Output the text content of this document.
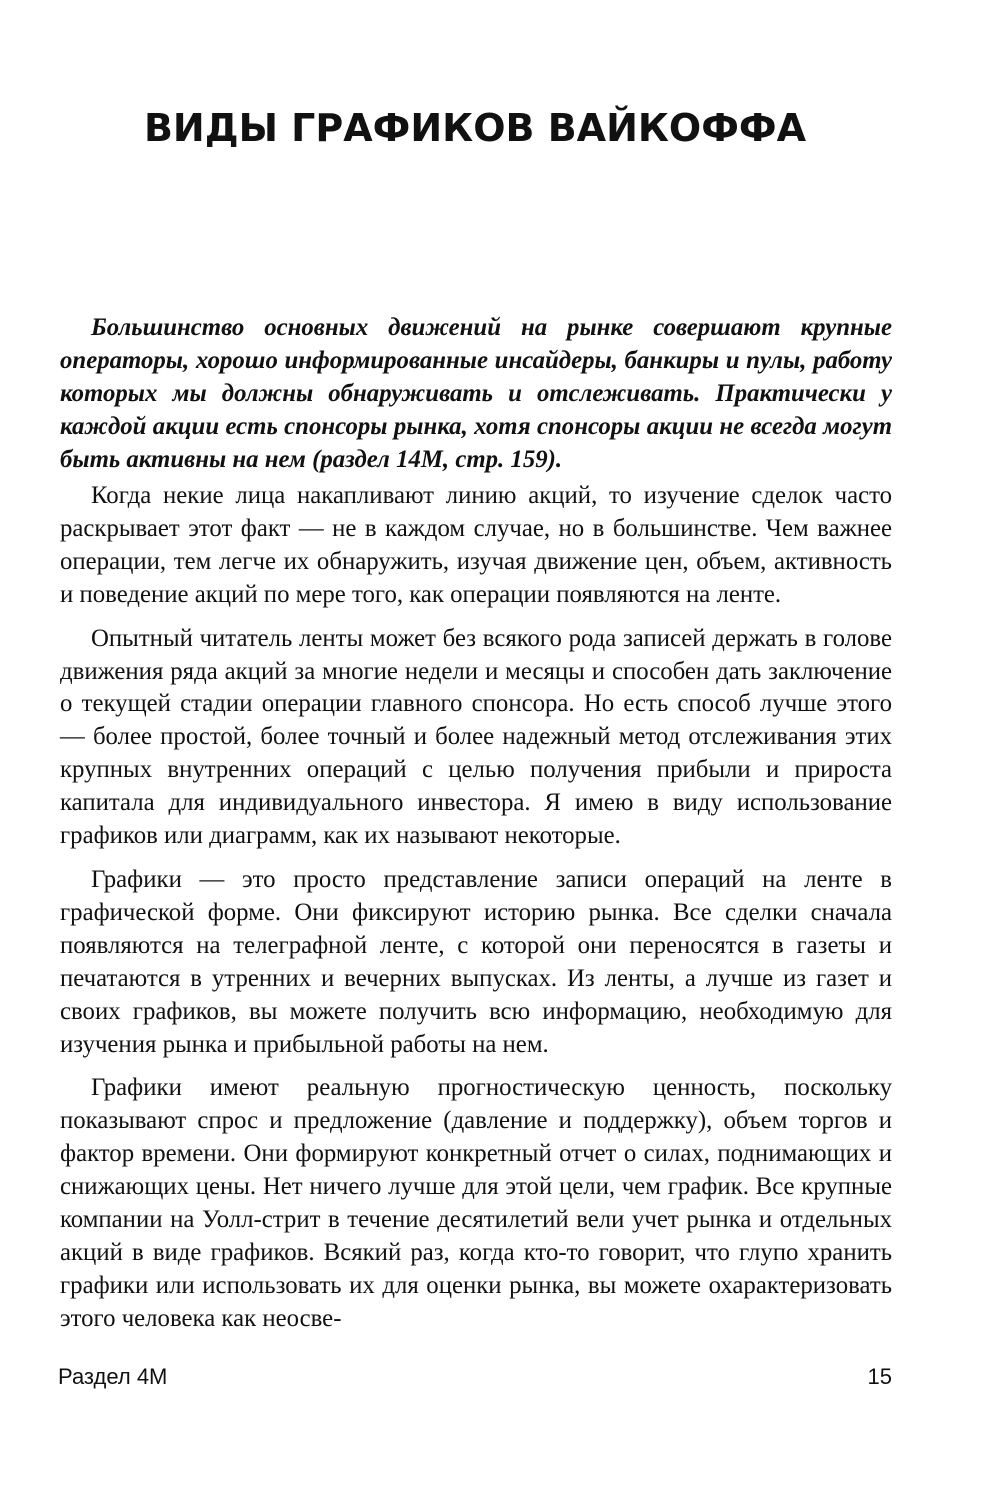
ВИДЫ ГРАФИКОВ ВАЙКОФФА
Большинство основных движений на рынке совершают крупные операторы, хорошо информированные инсайдеры, банкиры и пулы, работу которых мы должны обнаруживать и отслеживать. Практически у каждой акции есть спонсоры рынка, хотя спонсоры акции не всегда могут быть активны на нем (раздел 14М, стр. 159).

Когда некие лица накапливают линию акций, то изучение сделок часто раскрывает этот факт — не в каждом случае, но в большинстве. Чем важнее операции, тем легче их обнаружить, изучая движение цен, объем, активность и поведение акций по мере того, как операции появляются на ленте.

Опытный читатель ленты может без всякого рода записей держать в голове движения ряда акций за многие недели и месяцы и способен дать заключение о текущей стадии операции главного спонсора. Но есть способ лучше этого — более простой, более точный и более надежный метод отслеживания этих крупных внутренних операций с целью получения прибыли и прироста капитала для индивидуального инвестора. Я имею в виду использование графиков или диаграмм, как их называют некоторые.

Графики — это просто представление записи операций на ленте в графической форме. Они фиксируют историю рынка. Все сделки сначала появляются на телеграфной ленте, с которой они переносятся в газеты и печатаются в утренних и вечерних выпусках. Из ленты, а лучше из газет и своих графиков, вы можете получить всю информацию, необходимую для изучения рынка и прибыльной работы на нем.

Графики имеют реальную прогностическую ценность, поскольку показывают спрос и предложение (давление и поддержку), объем торгов и фактор времени. Они формируют конкретный отчет о силах, поднимающих и снижающих цены. Нет ничего лучше для этой цели, чем график. Все крупные компании на Уолл-стрит в течение десятилетий вели учет рынка и отдельных акций в виде графиков. Всякий раз, когда кто-то говорит, что глупо хранить графики или использовать их для оценки рынка, вы можете охарактеризовать этого человека как неосве-

Раздел 4М	15
